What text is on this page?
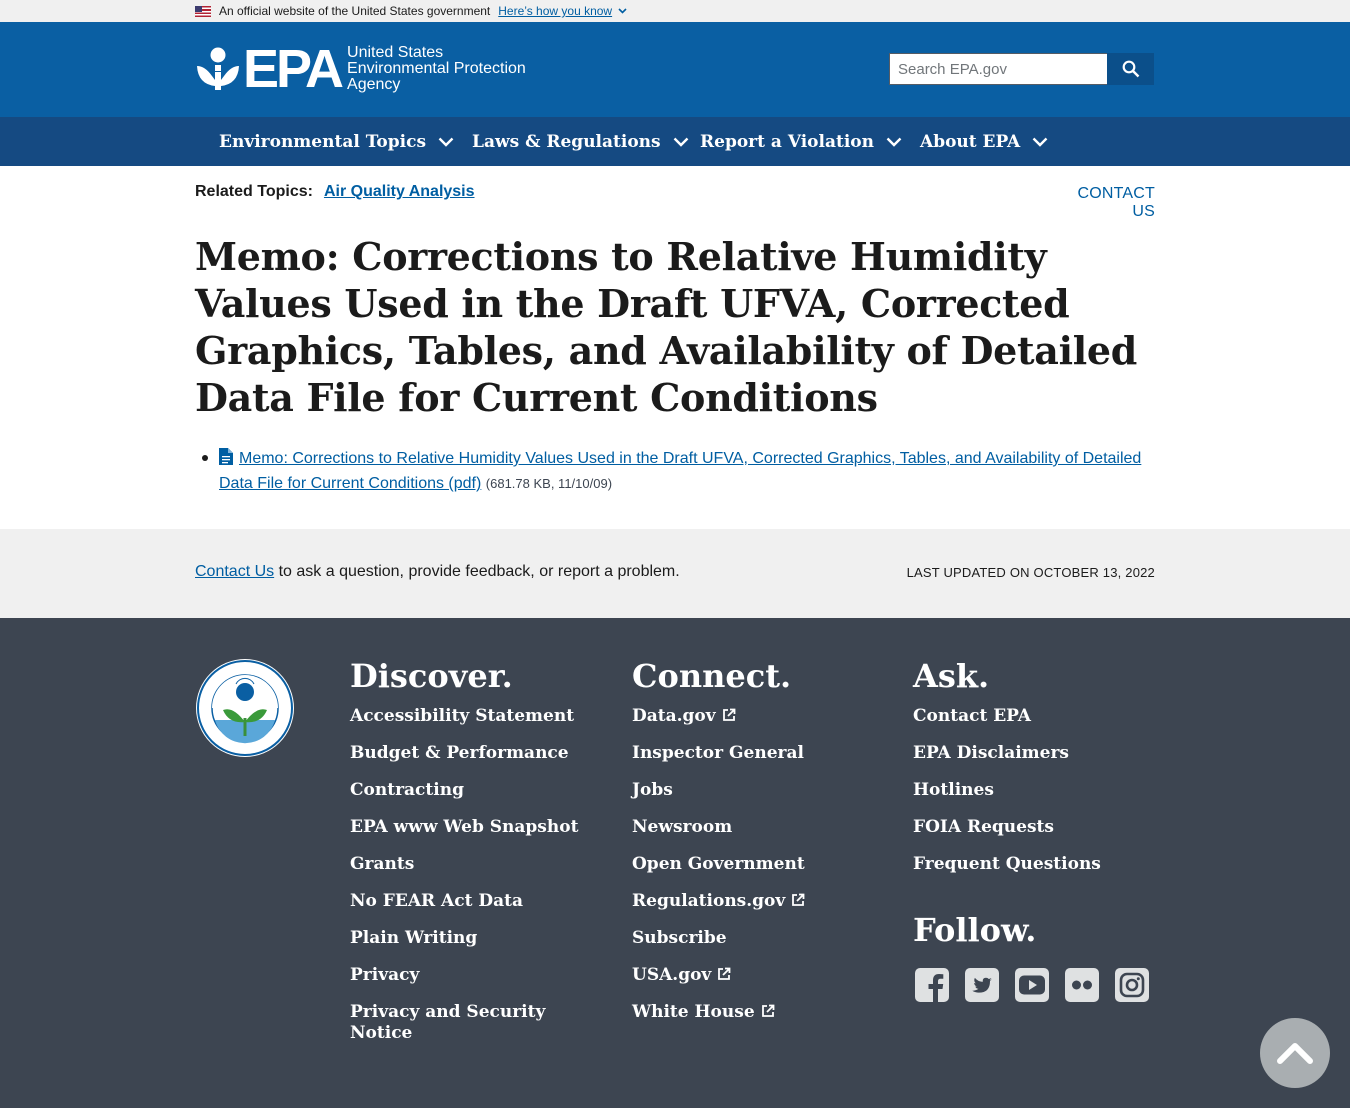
An official website of the United States government Here’s how you know
EPA United States
Environmental Protection
Agency
Search EPA.gov
Environmental Topics	Laws & Regulations Report a Violation	About EPA
Related Topics: Air Quality Analysis	CONTACT US
Memo: Corrections to Relative Humidity Values Used in the Draft UFVA, Corrected Graphics, Tables, and Availability of Detailed Data File for Current Conditions
Memo: Corrections to Relative Humidity Values Used in the Draft UFVA, Corrected Graphics, Tables, and Availability of Detailed Data File for Current Conditions (pdf) (681.78 KB, 11/10/09)
Contact Us to ask a question, provide feedback, or report a problem.	LAST UPDATED ON OCTOBER 13, 2022
Discover.
Accessibility Statement
Budget & Performance
Contracting
EPA www Web Snapshot
Grants
No FEAR Act Data
Plain Writing
Privacy
Privacy and Security Notice
Connect.
Data.gov
Inspector General
Jobs
Newsroom
Open Government
Regulations.gov
Subscribe
USA.gov
White House
Ask.
Contact EPA
EPA Disclaimers
Hotlines
FOIA Requests
Frequent Questions
Follow.
